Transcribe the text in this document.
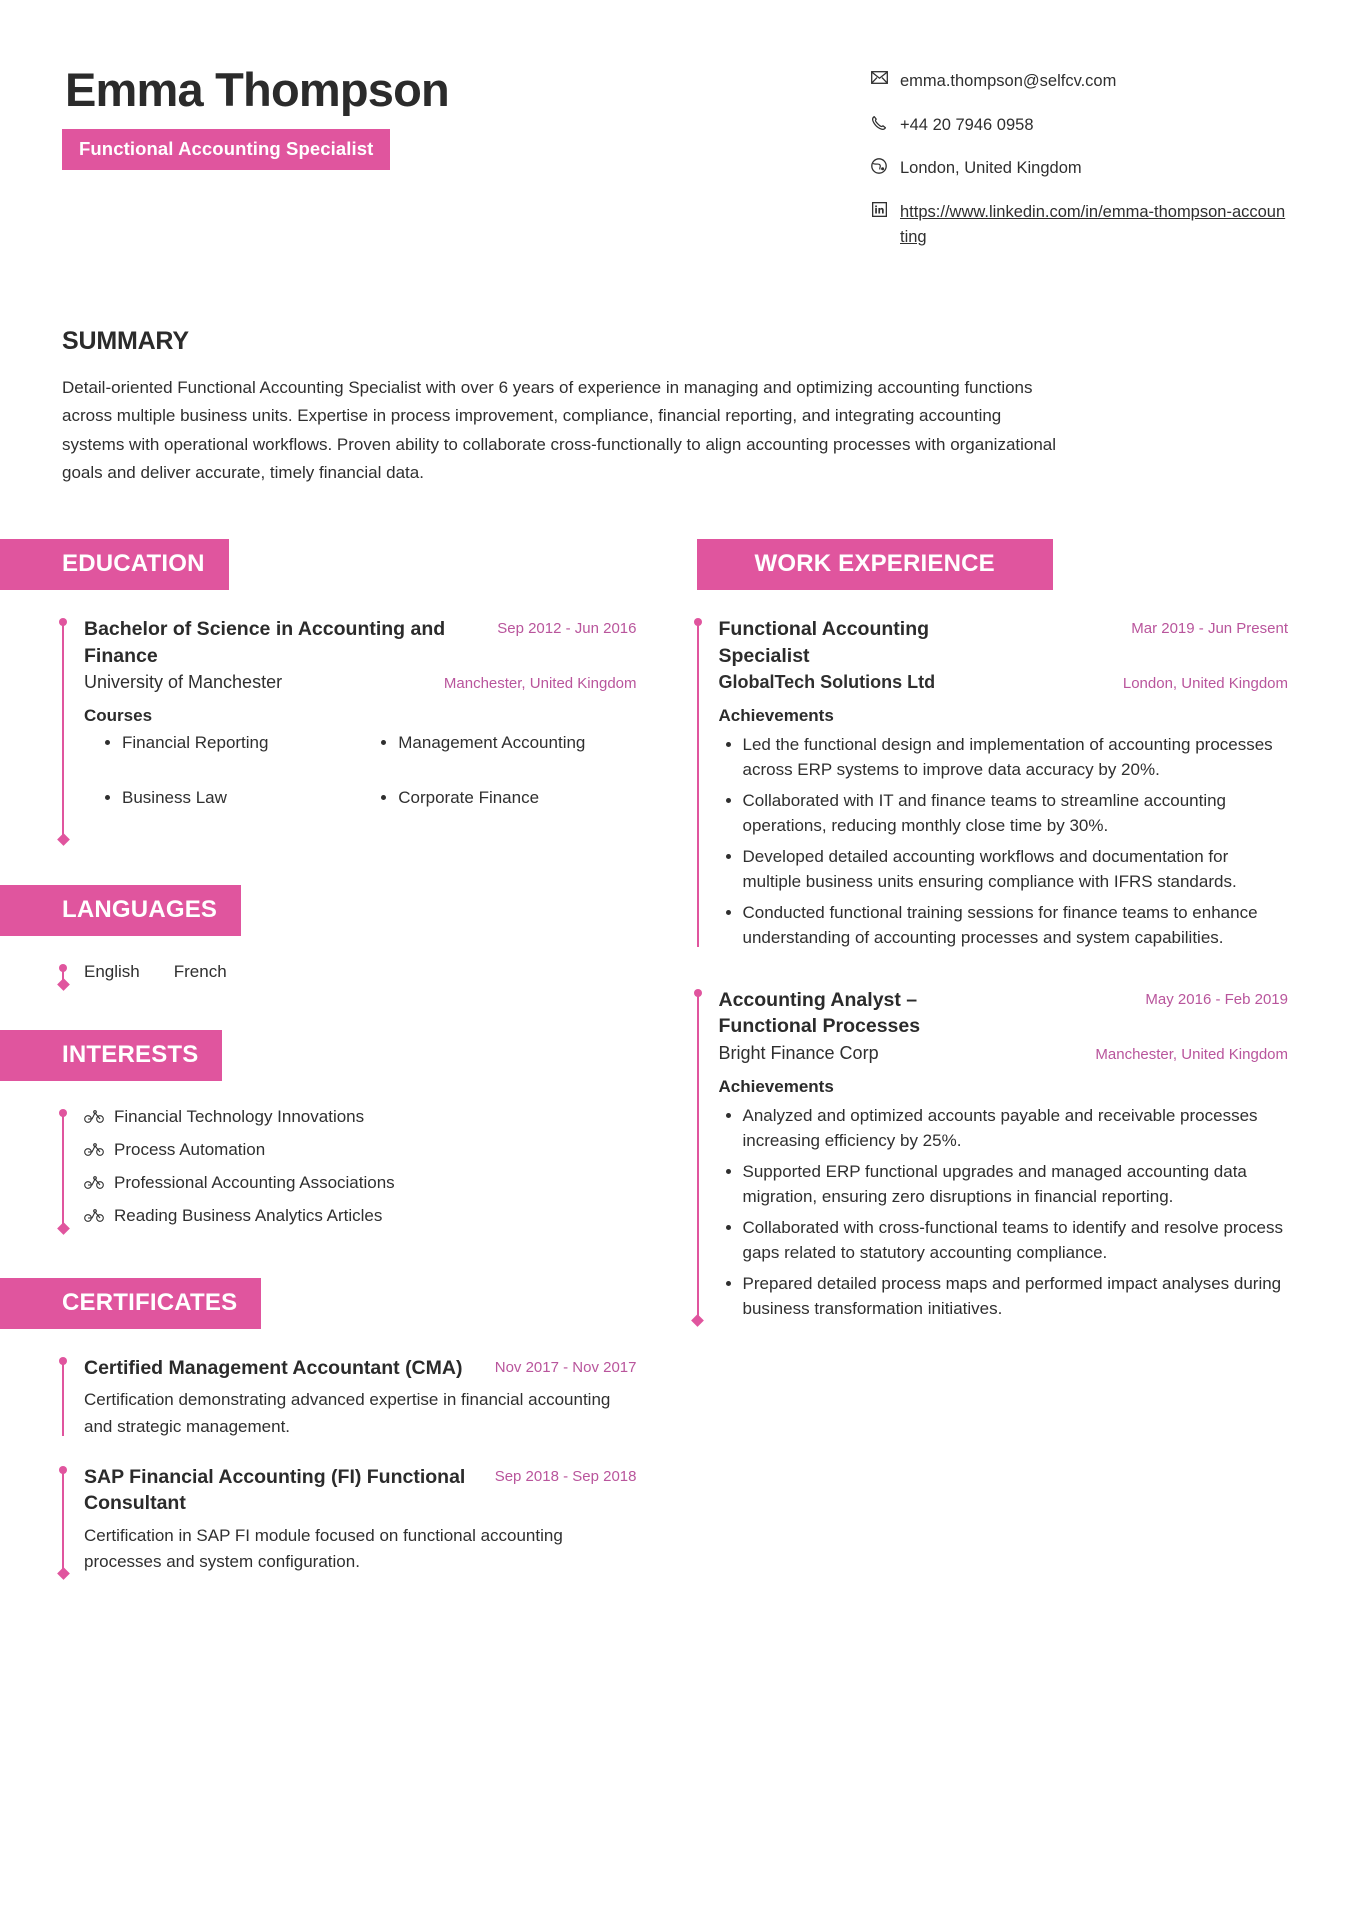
Emma Thompson
Functional Accounting Specialist
emma.thompson@selfcv.com
+44 20 7946 0958
London, United Kingdom
https://www.linkedin.com/in/emma-thompson-accounting
SUMMARY
Detail-oriented Functional Accounting Specialist with over 6 years of experience in managing and optimizing accounting functions across multiple business units. Expertise in process improvement, compliance, financial reporting, and integrating accounting systems with operational workflows. Proven ability to collaborate cross-functionally to align accounting processes with organizational goals and deliver accurate, timely financial data.
EDUCATION
Bachelor of Science in Accounting and Finance
Sep 2012 - Jun 2016
University of Manchester	Manchester, United Kingdom
Courses
• Financial Reporting
• Business Law
• Management Accounting
• Corporate Finance
LANGUAGES
English French
INTERESTS
Financial Technology Innovations
Process Automation
Professional Accounting Associations
Reading Business Analytics Articles
CERTIFICATES
Certified Management Accountant (CMA)	Nov 2017 - Nov 2017
Certification demonstrating advanced expertise in financial accounting and strategic management.
SAP Financial Accounting (FI) Functional Consultant
Sep 2018 - Sep 2018
Certification in SAP FI module focused on functional accounting processes and system configuration.
WORK EXPERIENCE
Functional Accounting Specialist
Mar 2019 - Jun Present
GlobalTech Solutions Ltd	London, United Kingdom
Achievements
• Led the functional design and implementation of accounting processes across ERP systems to improve data accuracy by 20%.
• Collaborated with IT and finance teams to streamline accounting operations, reducing monthly close time by 30%.
• Developed detailed accounting workflows and documentation for multiple business units ensuring compliance with IFRS standards.
• Conducted functional training sessions for finance teams to enhance understanding of accounting processes and system capabilities.
Accounting Analyst – Functional Processes
May 2016 - Feb 2019
Bright Finance Corp	Manchester, United Kingdom
Achievements
• Analyzed and optimized accounts payable and receivable processes increasing efficiency by 25%.
• Supported ERP functional upgrades and managed accounting data migration, ensuring zero disruptions in financial reporting.
• Collaborated with cross-functional teams to identify and resolve process gaps related to statutory accounting compliance.
• Prepared detailed process maps and performed impact analyses during business transformation initiatives.
